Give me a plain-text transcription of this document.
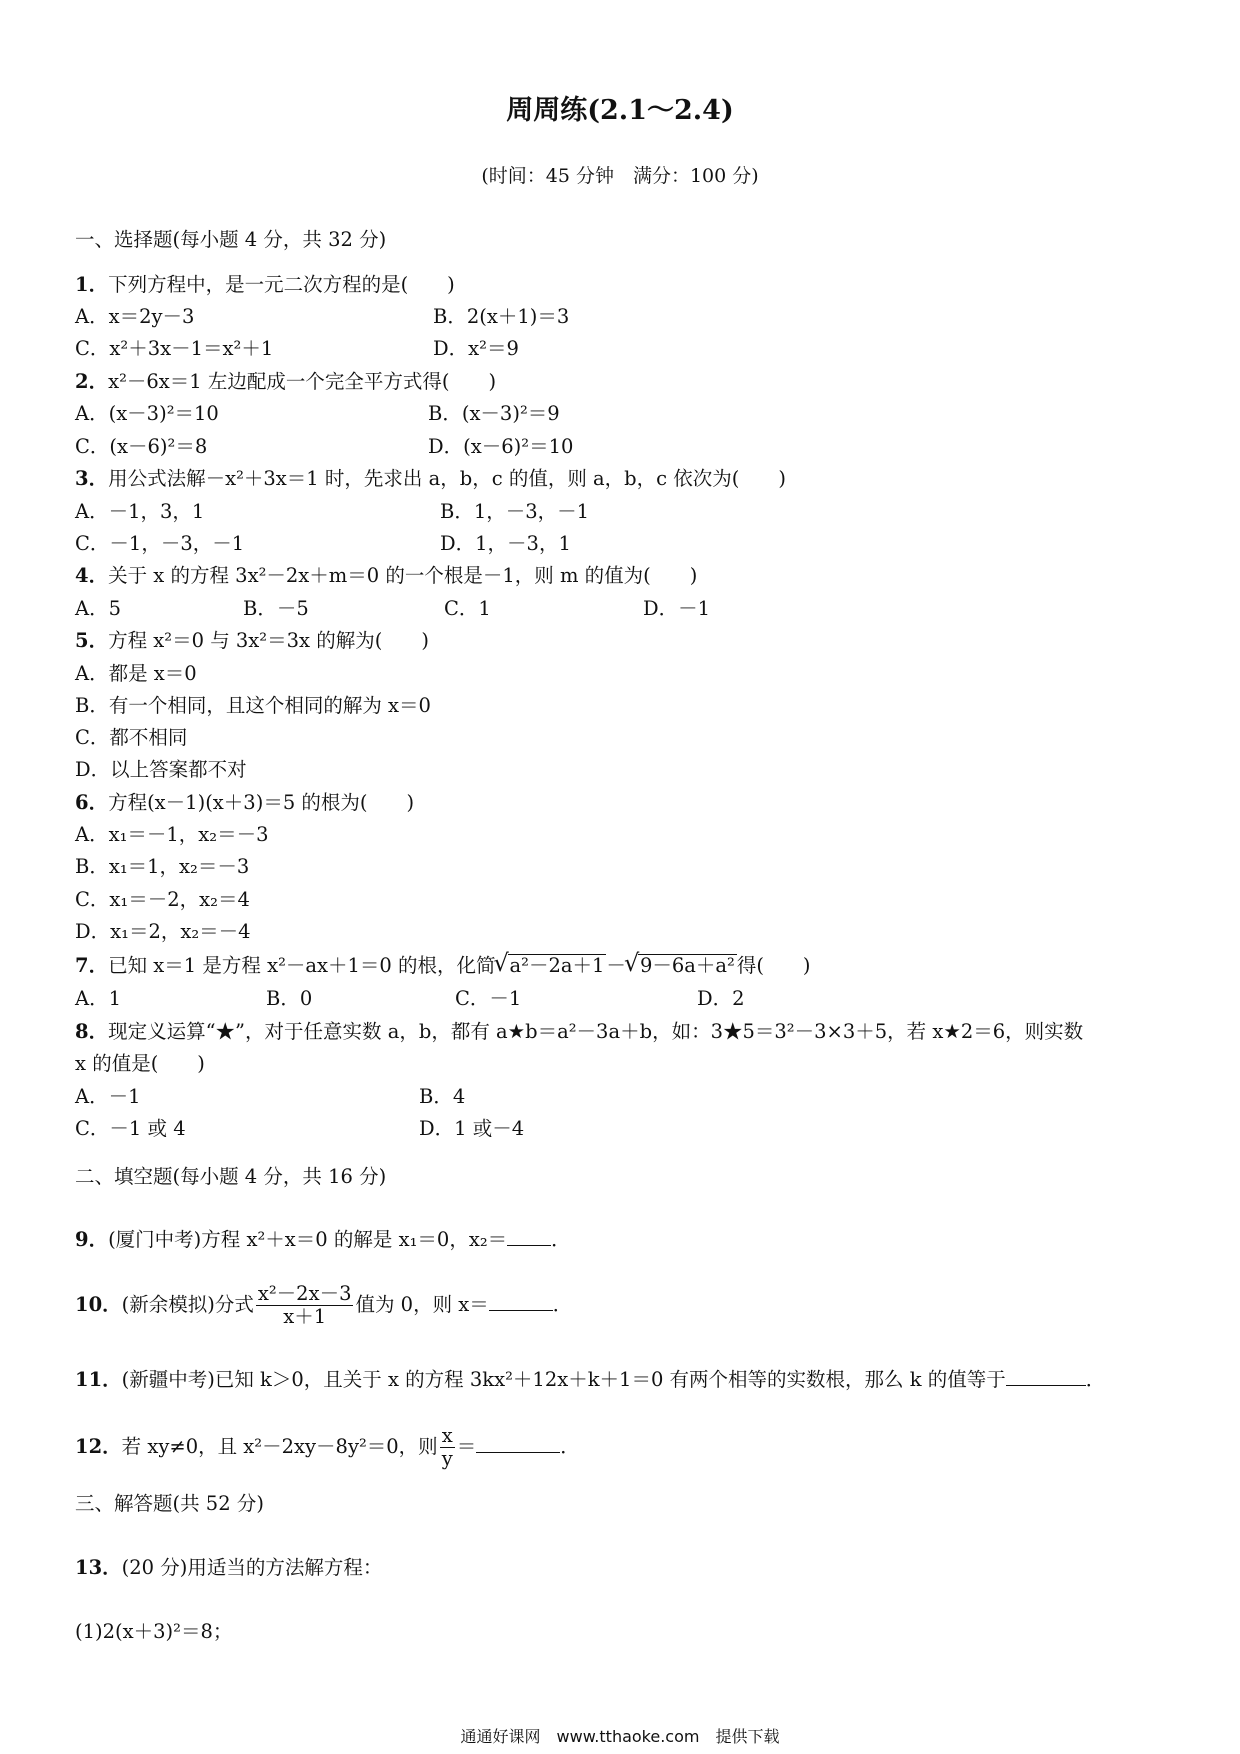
周周练(2.1～2.4)
(时间：45 分钟　满分：100 分)
一、选择题(每小题 4 分，共 32 分)
1．下列方程中，是一元二次方程的是(　　)
A．x＝2y－3	B．2(x＋1)＝3
C．x²＋3x－1＝x²＋1	D．x²＝9
2．x²－6x＝1 左边配成一个完全平方式得(　　)
A．(x－3)²＝10	B．(x－3)²＝9
C．(x－6)²＝8	D．(x－6)²＝10
3．用公式法解－x²＋3x＝1 时，先求出 a，b，c 的值，则 a，b，c 依次为(　　)
A．－1，3，1	B．1，－3，－1
C．－1，－3，－1	D．1，－3，1
4．关于 x 的方程 3x²－2x＋m＝0 的一个根是－1，则 m 的值为(　　)
A．5	B．－5	C．1	D．－1
5．方程 x²＝0 与 3x²＝3x 的解为(　　)
A．都是 x＝0
B．有一个相同，且这个相同的解为 x＝0
C．都不相同
D．以上答案都不对
6．方程(x－1)(x＋3)＝5 的根为(　　)
A．x₁＝－1，x₂＝－3
B．x₁＝1，x₂＝－3
C．x₁＝－2，x₂＝4
D．x₁＝2，x₂＝－4
7．已知 x＝1 是方程 x²－ax＋1＝0 的根，化简
√ a²－2a＋1 －
√ 9－6a＋a² 得(　　)
A．1	B．0	C．－1	D．2
8．现定义运算“★”，对于任意实数 a，b，都有 a★b＝a²－3a＋b，如：3★5＝3²－3×3＋5，若 x★2＝6，则实数
x 的值是(　　)
A．－1	B．4
C．－1 或 4	D．1 或－4
二、填空题(每小题 4 分，共 16 分)
9．(厦门中考)方程 x²＋x＝0 的解是 x₁＝0，x₂＝ ．
10．(新余模拟)分式 $\frac{\text{x²－2x－3}}{x+1}$ 值为 0，则 x＝	．
11．(新疆中考)已知 k＞0，且关于 x 的方程 3kx²＋12x＋k＋1＝0 有两个相等的实数根，那么 k 的值等于	．
12．若 xy≠0，且 x²－2xy－8y²＝0，则 $\frac{x}{y}$ ＝	．
三、解答题(共 52 分)
13．(20 分)用适当的方法解方程：
(1)2(x＋3)²＝8；
通通好课网　www.tthaoke.com　提供下载
